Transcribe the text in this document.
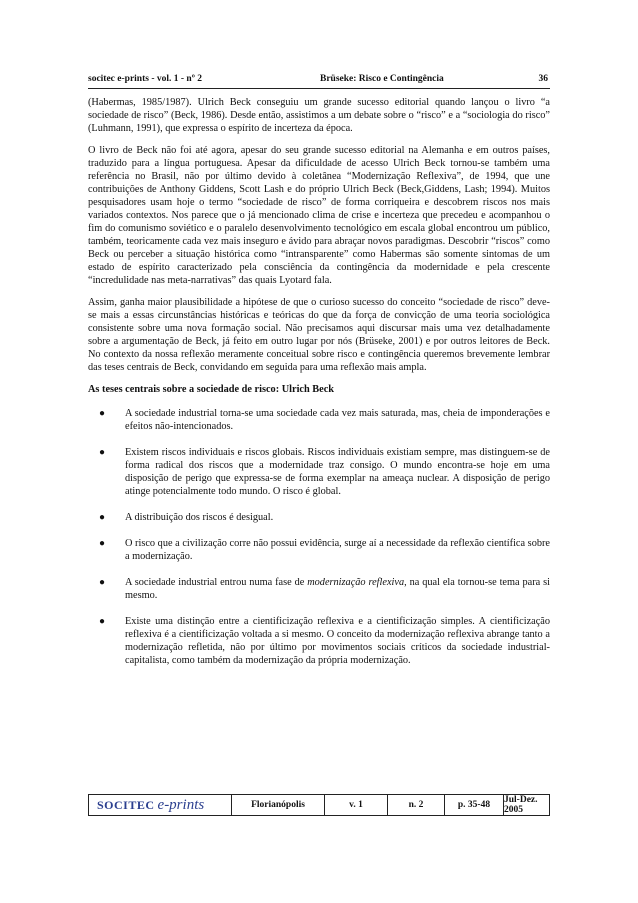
socitec e-prints - vol. 1 - nº 2	Brüseke: Risco e Contingência	36

(Habermas, 1985/1987). Ulrich Beck conseguiu um grande sucesso editorial quando lançou o livro “a sociedade de risco” (Beck, 1986). Desde então, assistimos a um debate sobre o “risco” e a “sociologia do risco” (Luhmann, 1991), que expressa o espírito de incerteza da época.

O livro de Beck não foi até agora, apesar do seu grande sucesso editorial na Alemanha e em outros países, traduzido para a língua portuguesa. Apesar da dificuldade de acesso Ulrich Beck tornou-se também uma referência no Brasil, não por último devido à coletânea “Modernização Reflexiva”, de 1994, que une contribuições de Anthony Giddens, Scott Lash e do próprio Ulrich Beck (Beck,Giddens, Lash; 1994). Muitos pesquisadores usam hoje o termo “sociedade de risco” de forma corriqueira e descobrem riscos nos mais variados contextos. Nos parece que o já mencionado clima de crise e incerteza que precedeu e acompanhou o fim do comunismo soviético e o paralelo desenvolvimento tecnológico em escala global encontrou um público, também, teoricamente cada vez mais inseguro e ávido para abraçar novos paradigmas. Descobrir “riscos” como Beck ou perceber a situação histórica como “intransparente” como Habermas são somente sintomas de um estado de espírito caracterizado pela consciência da contingência da modernidade e pela crescente “incredulidade nas meta-narrativas” das quais Lyotard fala.

Assim, ganha maior plausibilidade a hipótese de que o curioso sucesso do conceito “sociedade de risco” deve-se mais a essas circunstâncias históricas e teóricas do que da força de convicção de uma teoria sociológica consistente sobre uma nova formação social. Não precisamos aqui discursar mais uma vez detalhadamente sobre a argumentação de Beck, já feito em outro lugar por nós (Brüseke, 2001) e por outros leitores de Beck. No contexto da nossa reflexão meramente conceitual sobre risco e contingência queremos brevemente lembrar das teses centrais de Beck, convidando em seguida para uma reflexão mais ampla.

As teses centrais sobre a sociedade de risco: Ulrich Beck
● A sociedade industrial torna-se uma sociedade cada vez mais saturada, mas, cheia de imponderações e efeitos não-intencionados.
● Existem riscos individuais e riscos globais. Riscos individuais existiam sempre, mas distinguem-se de forma radical dos riscos que a modernidade traz consigo. O mundo encontra-se hoje em uma disposição de perigo que expressa-se de forma exemplar na ameaça nuclear. A disposição de perigo atinge potencialmente todo mundo. O risco é global.
● A distribuição dos riscos é desigual.
● O risco que a civilização corre não possui evidência, surge aí a necessidade da reflexão científica sobre a modernização.
● A sociedade industrial entrou numa fase de modernização reflexiva, na qual ela tornou-se tema para si mesmo.
● Existe uma distinção entre a cientificização reflexiva e a cientificização simples. A cientificização reflexiva é a cientificização voltada a si mesmo. O conceito da modernização reflexiva abrange tanto a modernização refletida, não por último por movimentos sociais críticos da sociedade industrial-capitalista, como também da modernização da própria modernização.
SOCITEC e-prints	Florianópolis	v. 1	n. 2	p. 35-48	Jul-Dez. 2005
